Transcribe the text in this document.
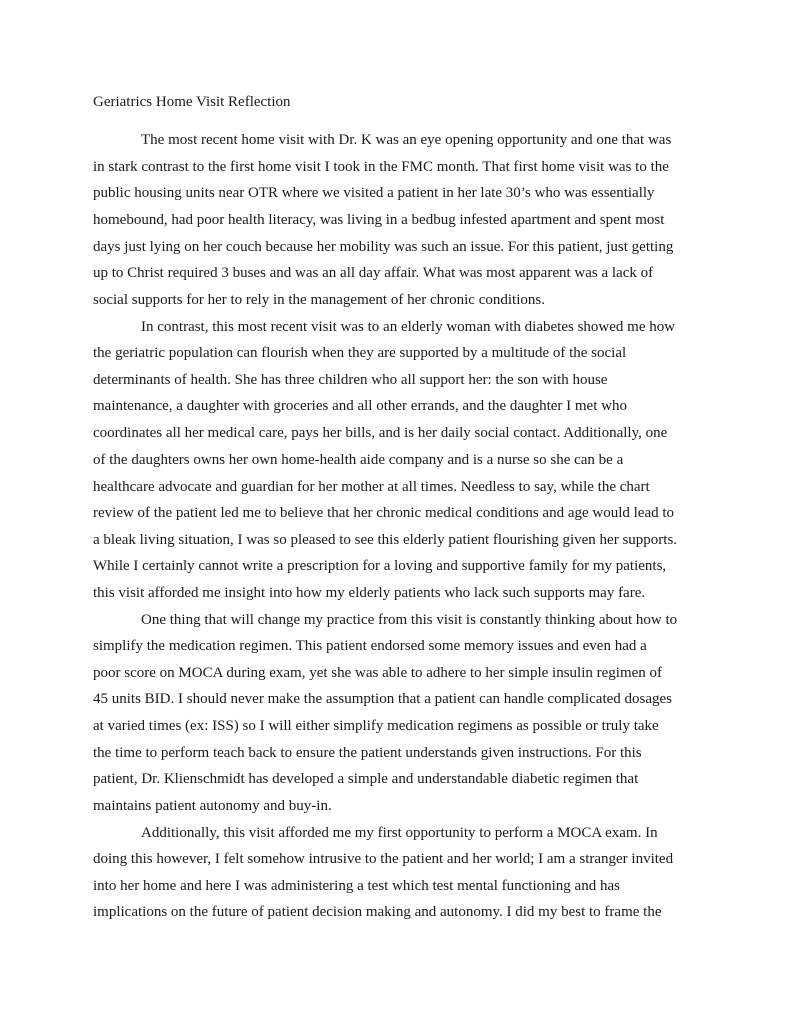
Geriatrics Home Visit Reflection
The most recent home visit with Dr. K was an eye opening opportunity and one that was
in stark contrast to the first home visit I took in the FMC month. That first home visit was to the
public housing units near OTR where we visited a patient in her late 30’s who was essentially
homebound, had poor health literacy, was living in a bedbug infested apartment and spent most
days just lying on her couch because her mobility was such an issue. For this patient, just getting
up to Christ required 3 buses and was an all day affair. What was most apparent was a lack of
social supports for her to rely in the management of her chronic conditions.
In contrast, this most recent visit was to an elderly woman with diabetes showed me how
the geriatric population can flourish when they are supported by a multitude of the social
determinants of health. She has three children who all support her: the son with house
maintenance, a daughter with groceries and all other errands, and the daughter I met who
coordinates all her medical care, pays her bills, and is her daily social contact. Additionally, one
of the daughters owns her own home-health aide company and is a nurse so she can be a
healthcare advocate and guardian for her mother at all times. Needless to say, while the chart
review of the patient led me to believe that her chronic medical conditions and age would lead to
a bleak living situation, I was so pleased to see this elderly patient flourishing given her supports.
While I certainly cannot write a prescription for a loving and supportive family for my patients,
this visit afforded me insight into how my elderly patients who lack such supports may fare.
One thing that will change my practice from this visit is constantly thinking about how to
simplify the medication regimen. This patient endorsed some memory issues and even had a
poor score on MOCA during exam, yet she was able to adhere to her simple insulin regimen of
45 units BID. I should never make the assumption that a patient can handle complicated dosages
at varied times (ex: ISS) so I will either simplify medication regimens as possible or truly take
the time to perform teach back to ensure the patient understands given instructions. For this
patient, Dr. Klienschmidt has developed a simple and understandable diabetic regimen that
maintains patient autonomy and buy-in.
Additionally, this visit afforded me my first opportunity to perform a MOCA exam. In
doing this however, I felt somehow intrusive to the patient and her world; I am a stranger invited
into her home and here I was administering a test which test mental functioning and has
implications on the future of patient decision making and autonomy. I did my best to frame the
